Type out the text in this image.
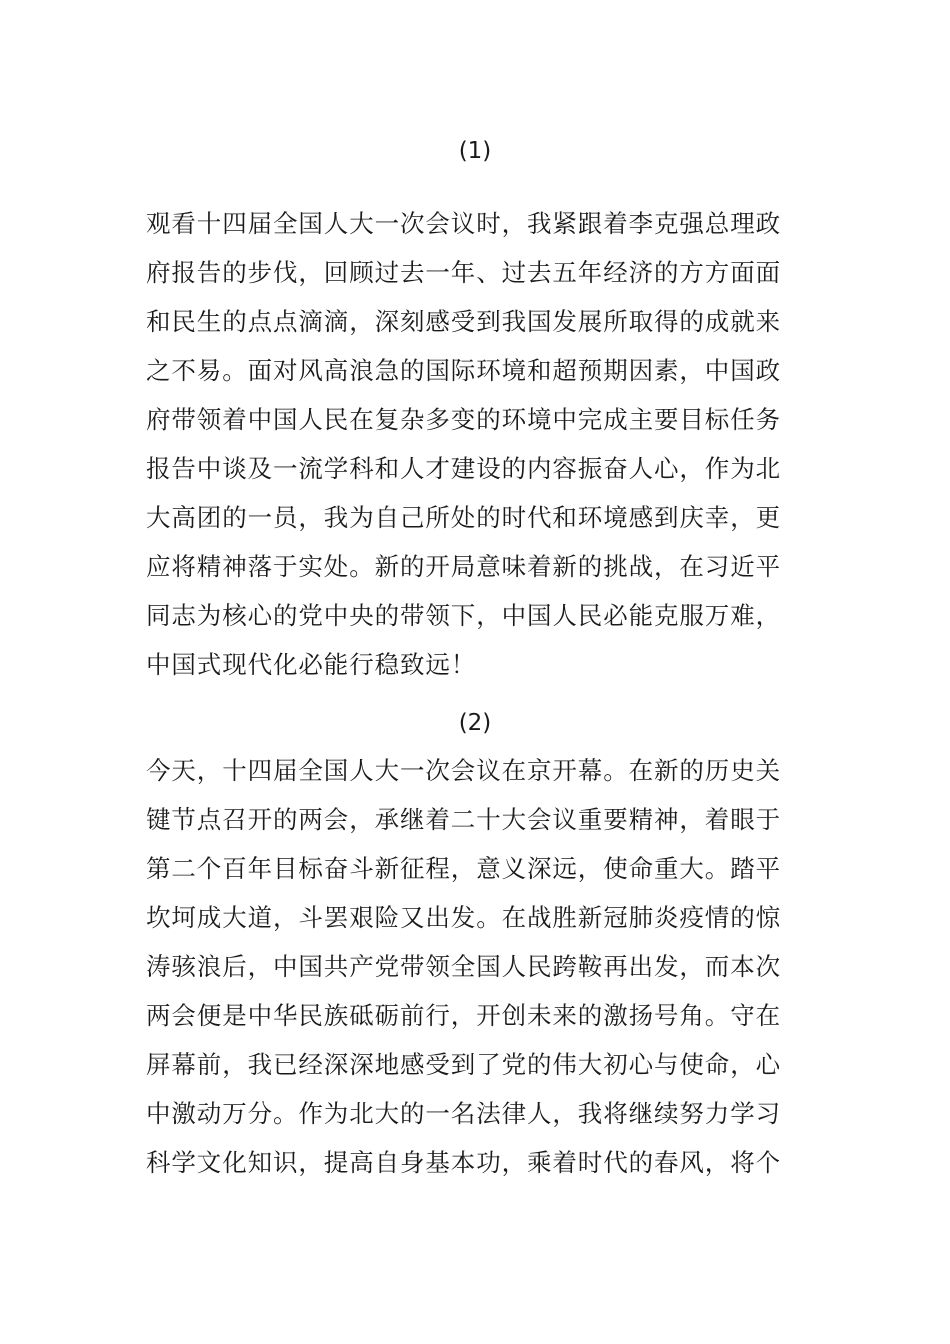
(1)
观看十四届全国人大一次会议时，我紧跟着李克强总理政
府报告的步伐，回顾过去一年、过去五年经济的方方面面
和民生的点点滴滴，深刻感受到我国发展所取得的成就来
之不易。面对风高浪急的国际环境和超预期因素，中国政
府带领着中国人民在复杂多变的环境中完成主要目标任务
报告中谈及一流学科和人才建设的内容振奋人心，作为北
大高团的一员，我为自己所处的时代和环境感到庆幸，更
应将精神落于实处。新的开局意味着新的挑战，在习近平
同志为核心的党中央的带领下，中国人民必能克服万难，
中国式现代化必能行稳致远！
(2)
今天，十四届全国人大一次会议在京开幕。在新的历史关
键节点召开的两会，承继着二十大会议重要精神，着眼于
第二个百年目标奋斗新征程，意义深远，使命重大。踏平
坎坷成大道，斗罢艰险又出发。在战胜新冠肺炎疫情的惊
涛骇浪后，中国共产党带领全国人民跨鞍再出发，而本次
两会便是中华民族砥砺前行，开创未来的激扬号角。守在
屏幕前，我已经深深地感受到了党的伟大初心与使命，心
中激动万分。作为北大的一名法律人，我将继续努力学习
科学文化知识，提高自身基本功，乘着时代的春风，将个
